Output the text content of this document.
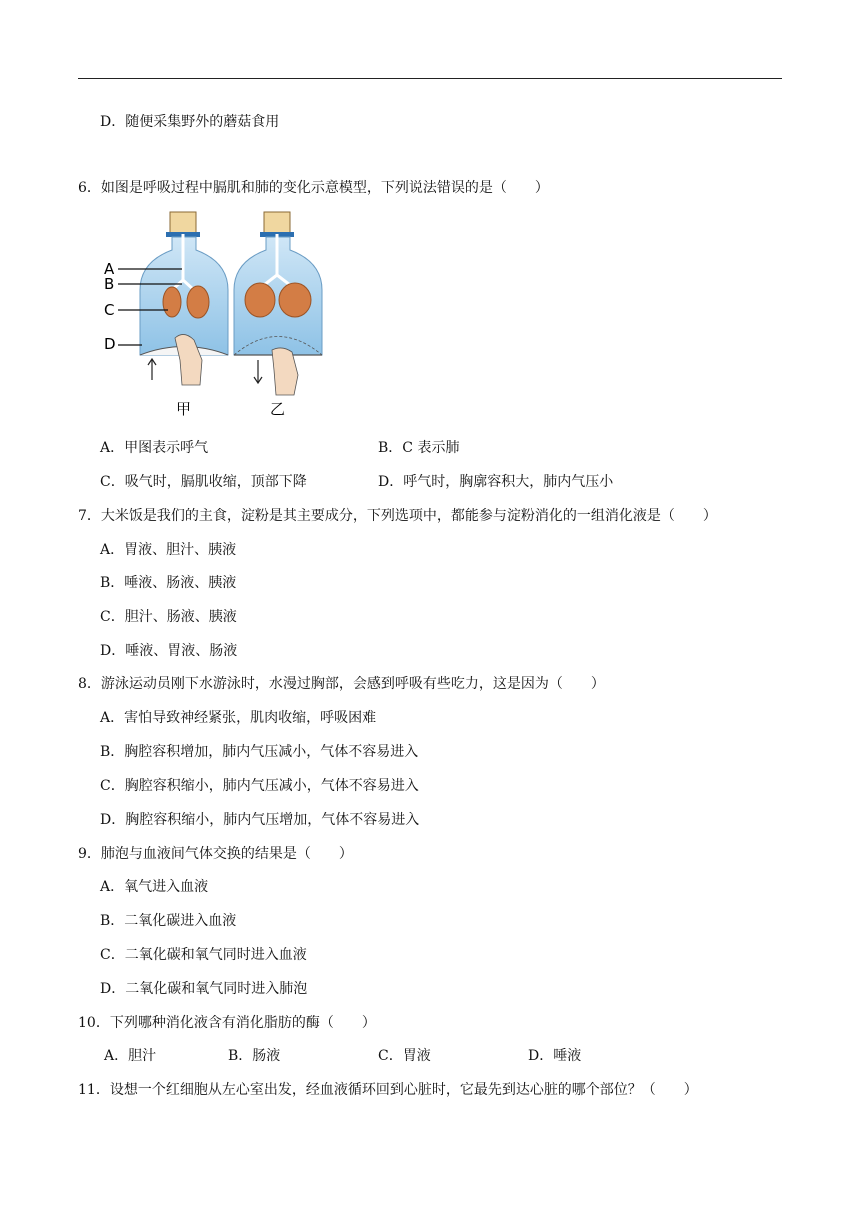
D．随便采集野外的蘑菇食用
6．如图是呼吸过程中膈肌和肺的变化示意模型，下列说法错误的是（　　）
A
B
C
D
甲	乙
A．甲图表示呼气	B．C 表示肺
C．吸气时，膈肌收缩，顶部下降	D．呼气时，胸廓容积大，肺内气压小
7．大米饭是我们的主食，淀粉是其主要成分，下列选项中，都能参与淀粉消化的一组消化液是（　　）
A．胃液、胆汁、胰液
B．唾液、肠液、胰液
C．胆汁、肠液、胰液
D．唾液、胃液、肠液
8．游泳运动员刚下水游泳时，水漫过胸部，会感到呼吸有些吃力，这是因为（　　）
A．害怕导致神经紧张，肌肉收缩，呼吸困难
B．胸腔容积增加，肺内气压减小，气体不容易进入
C．胸腔容积缩小，肺内气压减小，气体不容易进入
D．胸腔容积缩小，肺内气压增加，气体不容易进入
9．肺泡与血液间气体交换的结果是（　　）
A．氧气进入血液
B．二氧化碳进入血液
C．二氧化碳和氧气同时进入血液
D．二氧化碳和氧气同时进入肺泡
10．下列哪种消化液含有消化脂肪的酶（　　）
A．胆汁	B．肠液	C．胃液	D．唾液
11．设想一个红细胞从左心室出发，经血液循环回到心脏时，它最先到达心脏的哪个部位？（　　）
